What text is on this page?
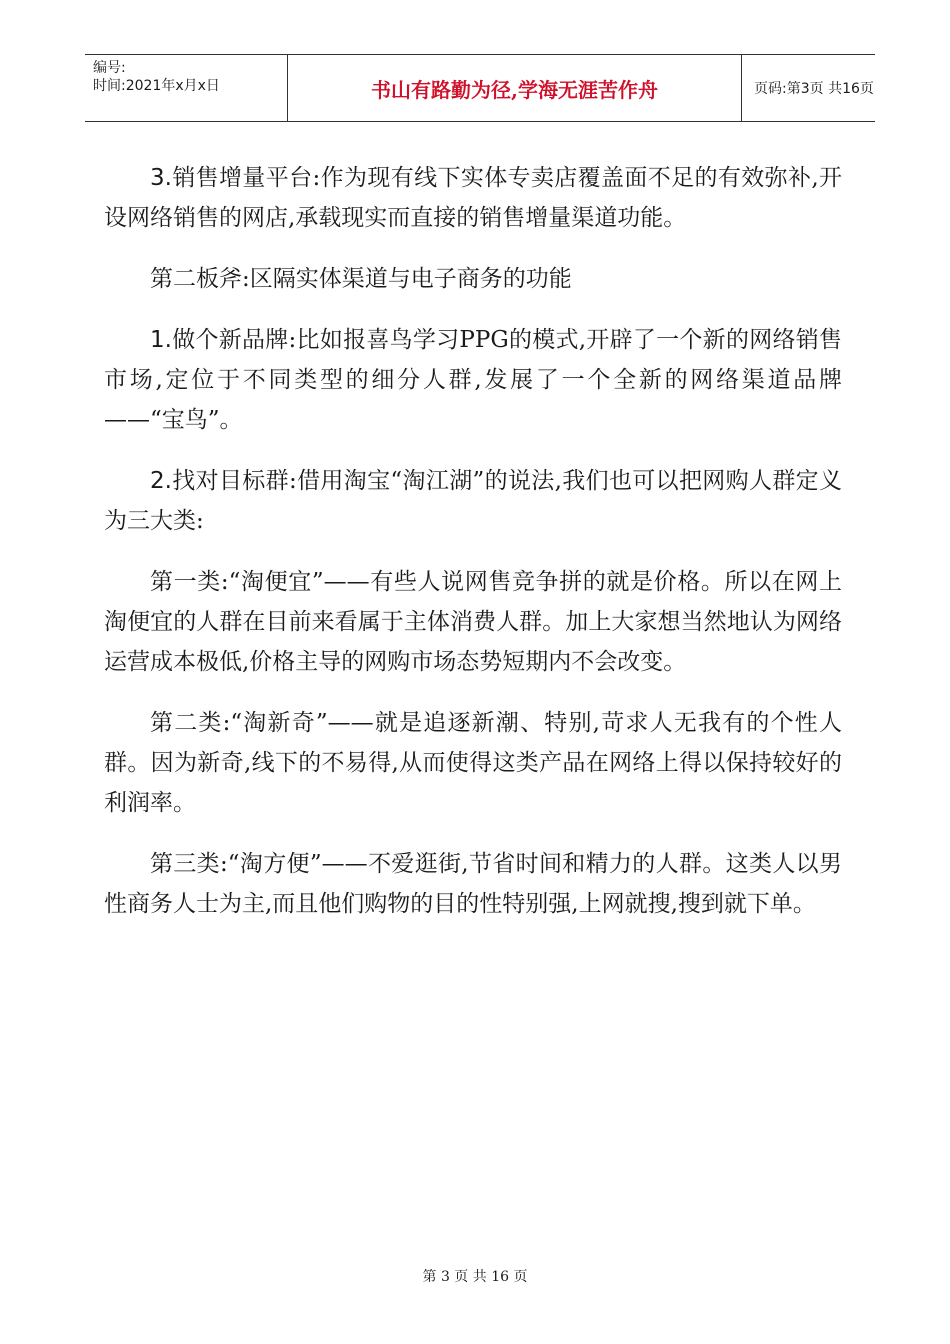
编号:
时间:2021年x月x日	书山有路勤为径,学海无涯苦作舟	页码:第3页 共16页

3.销售增量平台:作为现有线下实体专卖店覆盖面不足的有效弥补,开设网络销售的网店,承载现实而直接的销售增量渠道功能。

第二板斧:区隔实体渠道与电子商务的功能

1.做个新品牌:比如报喜鸟学习PPG的模式,开辟了一个新的网络销售市场,定位于不同类型的细分人群,发展了一个全新的网络渠道品牌——“宝鸟”。

2.找对目标群:借用淘宝“淘江湖”的说法,我们也可以把网购人群定义为三大类:

第一类:“淘便宜”——有些人说网售竞争拼的就是价格。所以在网上淘便宜的人群在目前来看属于主体消费人群。加上大家想当然地认为网络运营成本极低,价格主导的网购市场态势短期内不会改变。

第二类:“淘新奇”——就是追逐新潮、特别,苛求人无我有的个性人群。因为新奇,线下的不易得,从而使得这类产品在网络上得以保持较好的利润率。

第三类:“淘方便”——不爱逛街,节省时间和精力的人群。这类人以男性商务人士为主,而且他们购物的目的性特别强,上网就搜,搜到就下单。

第 3 页 共 16 页
